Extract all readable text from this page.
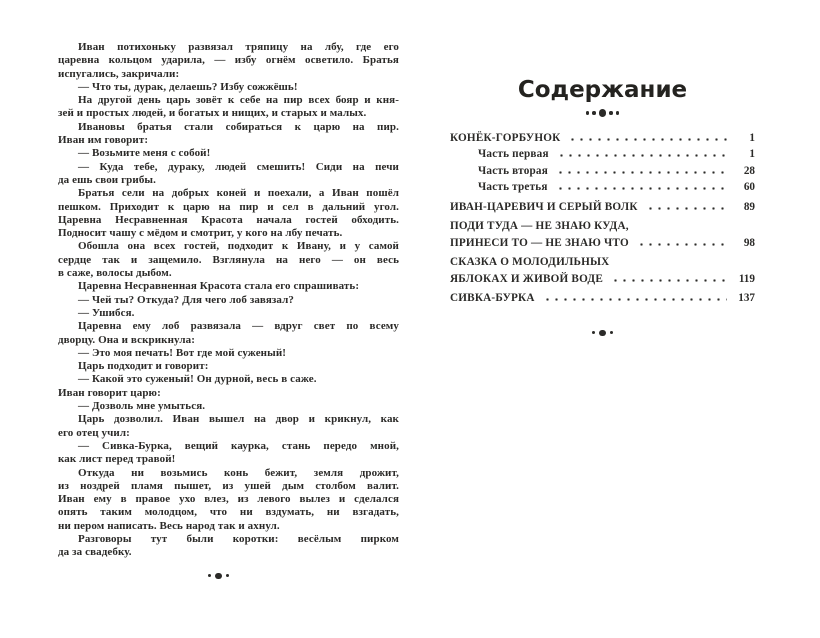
Иван потихоньку развязал тряпицу на лбу, где его
царевна кольцом ударила, — избу огнём осветило. Братья
испугались, закричали:
— Что ты, дурак, делаешь? Избу сожжёшь!
На другой день царь зовёт к себе на пир всех бояр и кня-
зей и простых людей, и богатых и нищих, и старых и малых.
Ивановы братья стали собираться к царю на пир.
Иван им говорит:
— Возьмите меня с собой!
— Куда тебе, дураку, людей смешить! Сиди на печи
да ешь свои грибы.
Братья сели на добрых коней и поехали, а Иван пошёл
пешком. Приходит к царю на пир и сел в дальний угол.
Царевна Несравненная Красота начала гостей обходить.
Подносит чашу с мёдом и смотрит, у кого на лбу печать.
Обошла она всех гостей, подходит к Ивану, и у самой
сердце так и защемило. Взглянула на него — он весь
в саже, волосы дыбом.
Царевна Несравненная Красота стала его спрашивать:
— Чей ты? Откуда? Для чего лоб завязал?
— Ушибся.
Царевна ему лоб развязала — вдруг свет по всему
дворцу. Она и вскрикнула:
— Это моя печать! Вот где мой суженый!
Царь подходит и говорит:
— Какой это суженый! Он дурной, весь в саже.
Иван говорит царю:
— Дозволь мне умыться.
Царь дозволил. Иван вышел на двор и крикнул, как
его отец учил:
— Сивка-Бурка, вещий каурка, стань передо мной,
как лист перед травой!
Откуда ни возьмись конь бежит, земля дрожит,
из ноздрей пламя пышет, из ушей дым столбом валит.
Иван ему в правое ухо влез, из левого вылез и сделался
опять таким молодцом, что ни вздумать, ни взгадать,
ни пером написать. Весь народ так и ахнул.
Разговоры тут были коротки: весёлым пирком
да за свадебку.
Содержание
КОНЁК-ГОРБУНОК	1
Часть первая	1
Часть вторая	28
Часть третья	60
ИВАН-ЦАРЕВИЧ И СЕРЫЙ ВОЛК	89
ПОДИ ТУДА — НЕ ЗНАЮ КУДА,
ПРИНЕСИ ТО — НЕ ЗНАЮ ЧТО	98
СКАЗКА О МОЛОДИЛЬНЫХ
ЯБЛОКАХ И ЖИВОЙ ВОДЕ	119
СИВКА-БУРКА	137
